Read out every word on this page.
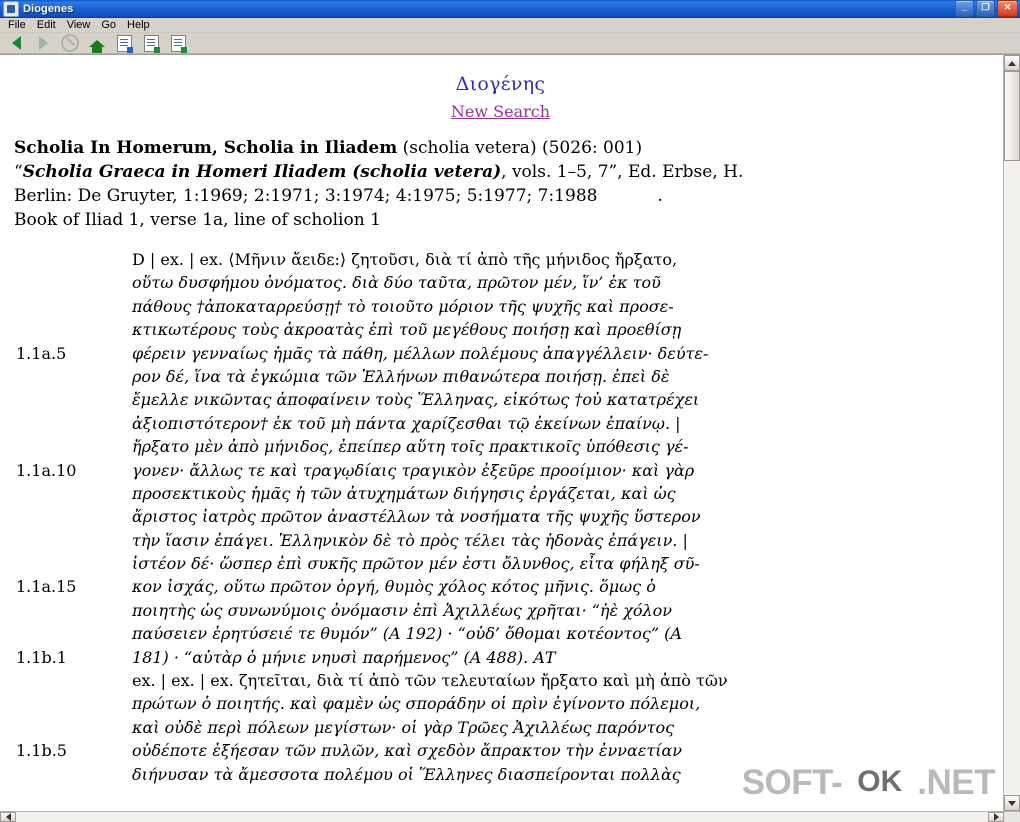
Diogenes	_	❐	✕
File	Edit	View	Go	Help
Διογένης
New Search
Scholia In Homerum, Scholia in Iliadem (scholia vetera) (5026: 001)
“Scholia Graeca in Homeri Iliadem (scholia vetera), vols. 1–5, 7”, Ed. Erbse, H.
Berlin: De Gruyter, 1:1969; 2:1971; 3:1974; 4:1975; 5:1977; 7:1988	.
Book of Iliad 1, verse 1a, line of scholion 1
D | ex. | ex. ⟨Μῆνιν ἄειδε:⟩ ζητοῦσι, διὰ τί ἀπὸ τῆς μήνιδος ἤρξατο,
οὕτω δυσφήμου ὀνόματος. διὰ δύο ταῦτα, πρῶτον μέν, ἵν’ ἐκ τοῦ
πάθους †ἀποκαταρρεύσῃ† τὸ τοιοῦτο μόριον τῆς ψυχῆς καὶ προσε-
κτικωτέρους τοὺς ἀκροατὰς ἐπὶ τοῦ μεγέθους ποιήσῃ καὶ προεθίσῃ
1.1a.5	φέρειν γενναίως ἡμᾶς τὰ πάθη, μέλλων πολέμους ἀπαγγέλλειν· δεύτε-
ρον δέ, ἵνα τὰ ἐγκώμια τῶν Ἑλλήνων πιθανώτερα ποιήσῃ. ἐπεὶ δὲ
ἔμελλε νικῶντας ἀποφαίνειν τοὺς Ἕλληνας, εἰκότως †οὐ κατατρέχει
ἀξιοπιστότερον† ἐκ τοῦ μὴ πάντα χαρίζεσθαι τῷ ἐκείνων ἐπαίνῳ. |
ἤρξατο μὲν ἀπὸ μήνιδος, ἐπείπερ αὕτη τοῖς πρακτικοῖς ὑπόθεσις γέ-
1.1a.10	γονεν· ἄλλως τε καὶ τραγῳδίαις τραγικὸν ἐξεῦρε προοίμιον· καὶ γὰρ
προσεκτικοὺς ἡμᾶς ἡ τῶν ἀτυχημάτων διήγησις ἐργάζεται, καὶ ὡς
ἄριστος ἰατρὸς πρῶτον ἀναστέλλων τὰ νοσήματα τῆς ψυχῆς ὕστερον
τὴν ἵασιν ἐπάγει. Ἑλληνικὸν δὲ τὸ πρὸς τέλει τὰς ἡδονὰς ἐπάγειν. |
ἰστέον δέ· ὥσπερ ἐπὶ συκῆς πρῶτον μέν ἐστι ὄλυνθος, εἶτα φήληξ σῦ-
1.1a.15	κον ἰσχάς, οὕτω πρῶτον ὀργή, θυμὸς χόλος κότος μῆνις. ὅμως ὁ
ποιητὴς ὡς συνωνύμοις ὀνόμασιν ἐπὶ Ἀχιλλέως χρῆται· “ἠὲ χόλον
παύσειεν ἐρητύσειέ τε θυμόν” (Α 192) · “οὐδ’ ὄθομαι κοτέοντος” (Α
1.1b.1	181) · “αὐτὰρ ὁ μήνιε νηυσὶ παρήμενος” (Α 488). ΑΤ
ex. | ex. | ex. ζητεῖται, διὰ τί ἀπὸ τῶν τελευταίων ἤρξατο καὶ μὴ ἀπὸ τῶν
πρώτων ὁ ποιητής. καὶ φαμὲν ὡς σποράδην οἱ πρὶν ἐγίνοντο πόλεμοι,
καὶ οὐδὲ περὶ πόλεων μεγίστων· οἱ γὰρ Τρῶες Ἀχιλλέως παρόντος
1.1b.5	οὐδέποτε ἐξήεσαν τῶν πυλῶν, καὶ σχεδὸν ἄπρακτον τὴν ἐνναετίαν
διήνυσαν τὰ ἄμεσσοτα πολέμου οἱ Ἕλληνες διασπείρονται πολλὰς	SOFT- OK .NET
